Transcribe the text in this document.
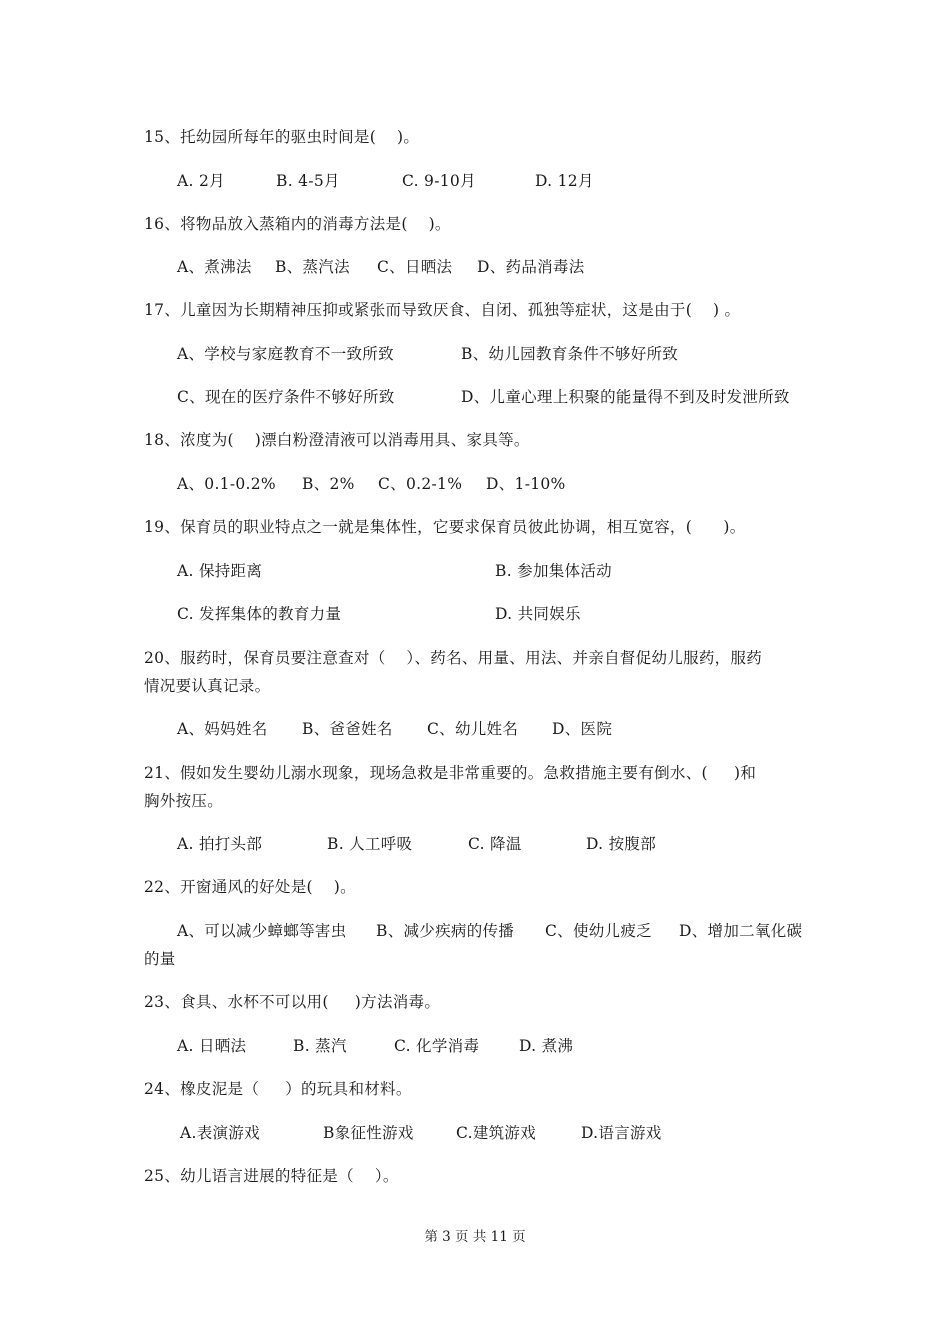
15、托幼园所每年的驱虫时间是(    )。
A. 2月	B. 4-5月	C. 9-10月	D. 12月
16、将物品放入蒸箱内的消毒方法是(    )。
A、煮沸法 B、蒸汽法 C、日晒法 D、药品消毒法
17、儿童因为长期精神压抑或紧张而导致厌食、自闭、孤独等症状，这是由于(    ) 。
A、学校与家庭教育不一致所致	B、幼儿园教育条件不够好所致
C、现在的医疗条件不够好所致	D、儿童心理上积聚的能量得不到及时发泄所致
18、浓度为(    )漂白粉澄清液可以消毒用具、家具等。
A、0.1-0.2% B、2% C、0.2-1% D、1-10%
19、保育员的职业特点之一就是集体性，它要求保育员彼此协调，相互宽容，(      )。
A. 保持距离	B. 参加集体活动
C. 发挥集体的教育力量	D. 共同娱乐
20、服药时，保育员要注意查对（    ）、药名、用量、用法、并亲自督促幼儿服药，服药
情况要认真记录。
A、妈妈姓名 B、爸爸姓名 C、幼儿姓名 D、医院
21、假如发生婴幼儿溺水现象，现场急救是非常重要的。急救措施主要有倒水、(     )和
胸外按压。
A. 拍打头部	B. 人工呼吸	C. 降温	D. 按腹部
22、开窗通风的好处是(    )。
A、可以减少蟑螂等害虫 B、减少疾病的传播 C、使幼儿疲乏 D、增加二氧化碳
的量
23、食具、水杯不可以用(     )方法消毒。
A. 日晒法	B. 蒸汽	C. 化学消毒	D. 煮沸
24、橡皮泥是（     ）的玩具和材料。
A.表演游戏	B象征性游戏	C.建筑游戏	D.语言游戏
25、幼儿语言进展的特征是（    ）。
第 3 页 共 11 页
